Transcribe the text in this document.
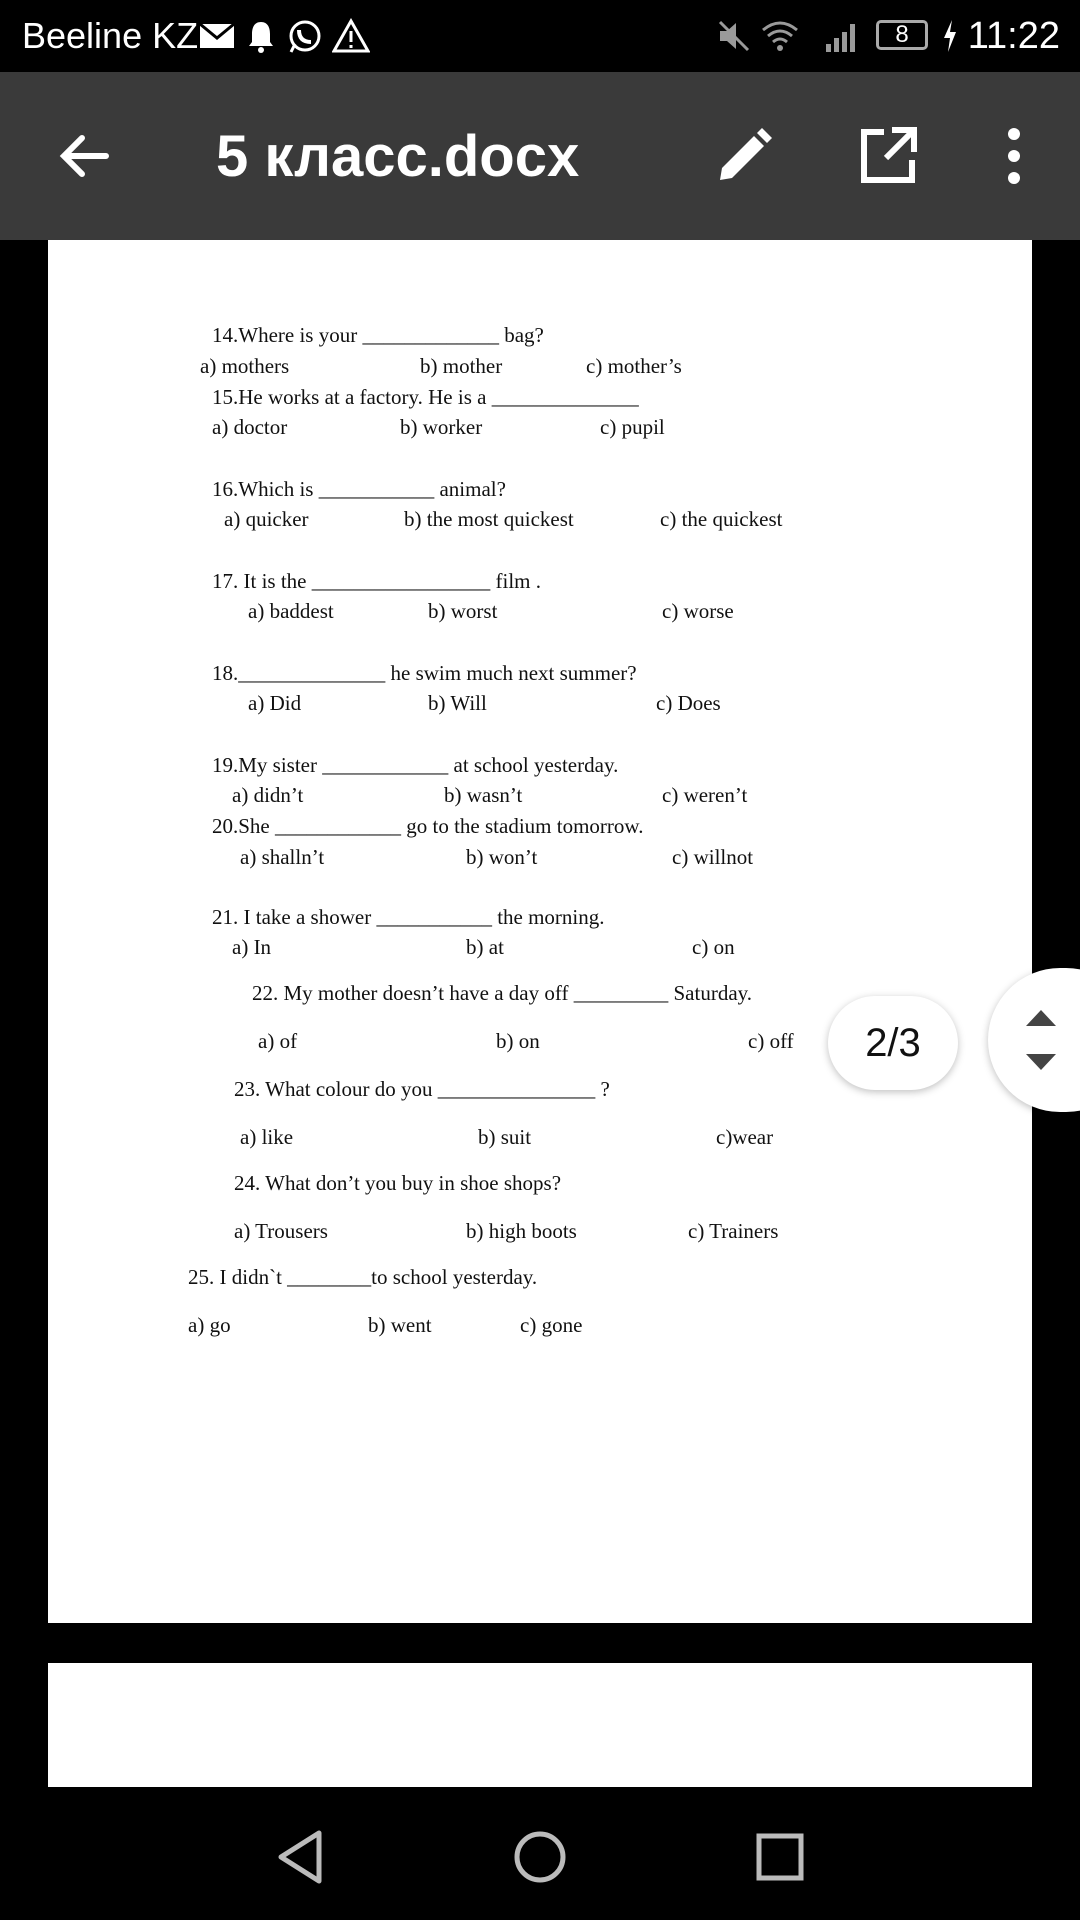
Beeline KZ	8	11:22
5 класс.docx
14.Where is your _____________ bag?
a) mothers	b) mother	c) mother’s
15.He works at a factory. He is a ______________
a) doctor	b) worker	c) pupil
16.Which is ___________ animal?
a) quicker	b) the most quickest	c) the quickest
17. It is the _________________ film .
a) baddest	b) worst	c) worse
18.______________ he swim much next summer?
a) Did	b) Will	c) Does
19.My sister ____________ at school yesterday.
a) didn’t	b) wasn’t	c) weren’t
20.She ____________ go to the stadium tomorrow.
a) shalln’t	b) won’t	c) willnot
21. I take a shower ___________ the morning.
a) In	b) at	c) on
22. My mother doesn’t have a day off _________ Saturday.
a) of	b) on	c) off
23. What colour do you _______________ ?
a) like	b) suit	c)wear
24. What don’t you buy in shoe shops?
a) Trousers	b) high boots	c) Trainers
25. I didn`t ________to school yesterday.
a) go	b) went	c) gone
2/3
